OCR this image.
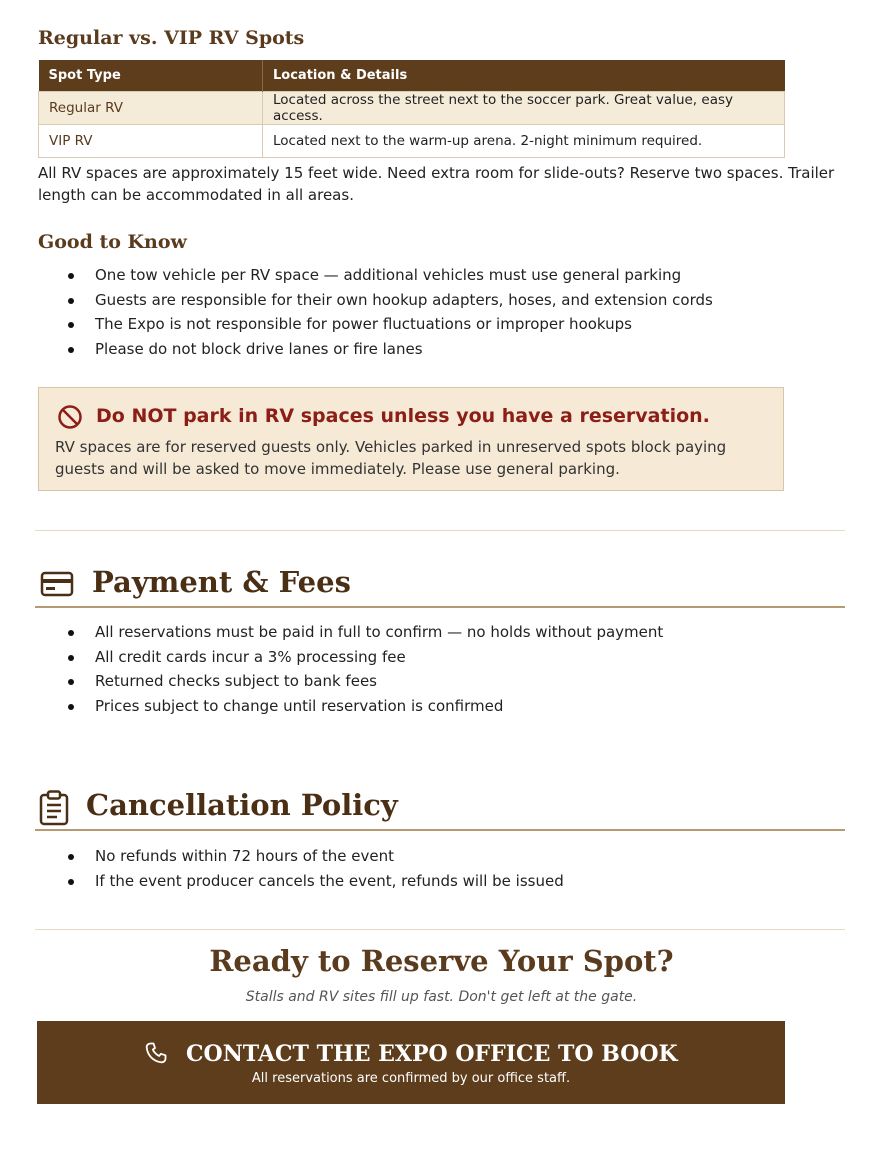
Regular vs. VIP RV Spots
Spot Type	Location & Details
Regular RV	Located across the street next to the soccer park. Great value, easy access.
VIP RV	Located next to the warm-up arena. 2-night minimum required.
All RV spaces are approximately 15 feet wide. Need extra room for slide-outs? Reserve two spaces. Trailer length can be accommodated in all areas.
Good to Know
One tow vehicle per RV space — additional vehicles must use general parking
Guests are responsible for their own hookup adapters, hoses, and extension cords
The Expo is not responsible for power fluctuations or improper hookups
Please do not block drive lanes or fire lanes
Do NOT park in RV spaces unless you have a reservation.
RV spaces are for reserved guests only. Vehicles parked in unreserved spots block paying guests and will be asked to move immediately. Please use general parking.
Payment & Fees
All reservations must be paid in full to confirm — no holds without payment
All credit cards incur a 3% processing fee
Returned checks subject to bank fees
Prices subject to change until reservation is confirmed
Cancellation Policy
No refunds within 72 hours of the event
If the event producer cancels the event, refunds will be issued
Ready to Reserve Your Spot?
Stalls and RV sites fill up fast. Don't get left at the gate.
CONTACT THE EXPO OFFICE TO BOOK
All reservations are confirmed by our office staff.
